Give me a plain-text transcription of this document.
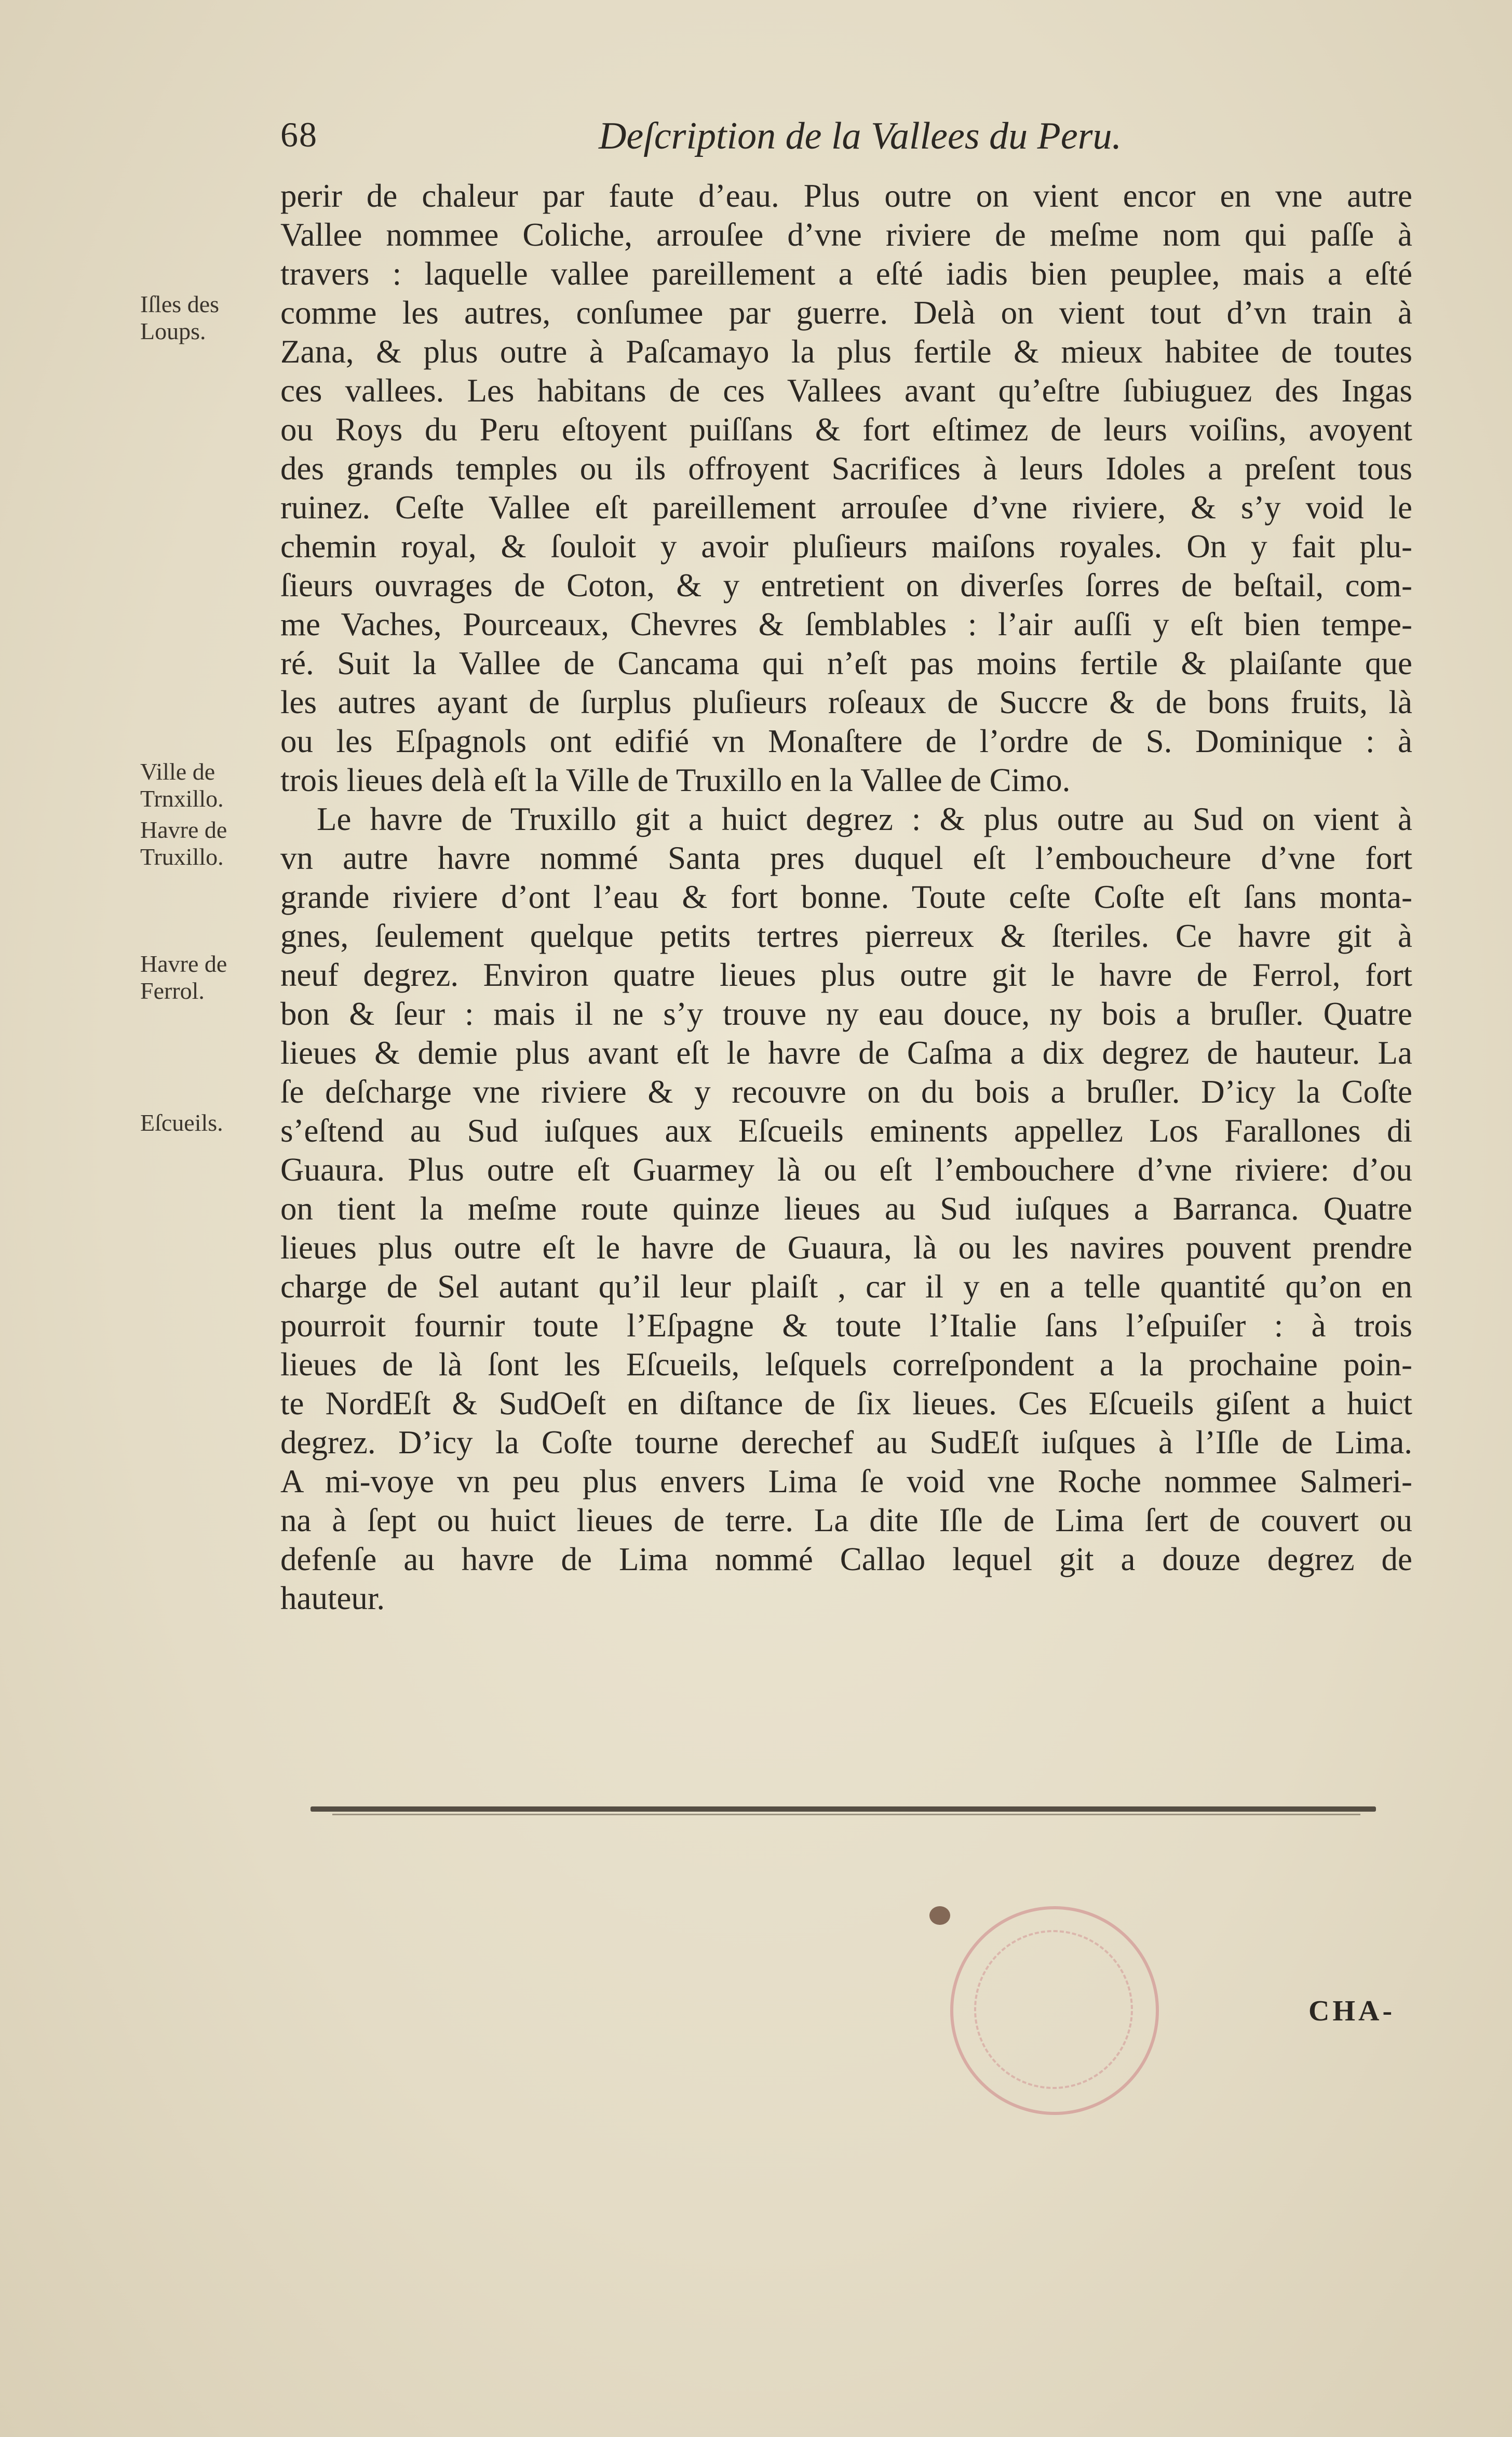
68	Deſcription de la Vallees du Peru.
Iſles des Loups.
Ville de Trnxillo.
Havre de Truxillo.
Havre de Ferrol.
Eſcueils.
perir de chaleur par faute d’eau. Plus outre on vient encor en vne autre
Vallee nommee Coliche, arrouſee d’vne riviere de meſme nom qui paſſe à
travers : laquelle vallee pareillement a eſté iadis bien peuplee, mais a eſté
comme les autres, conſumee par guerre. Delà on vient tout d’vn train à
Zana, & plus outre à Paſcamayo la plus fertile & mieux habitee de toutes
ces vallees. Les habitans de ces Vallees avant qu’eſtre ſubiuguez des Ingas
ou Roys du Peru eſtoyent puiſſans & fort eſtimez de leurs voiſins, avoyent
des grands temples ou ils offroyent Sacrifices à leurs Idoles a preſent tous
ruinez. Ceſte Vallee eſt pareillement arrouſee d’vne riviere, & s’y void le
chemin royal, & ſouloit y avoir pluſieurs maiſons royales. On y fait plu-
ſieurs ouvrages de Coton, & y entretient on diverſes ſorres de beſtail, com-
me Vaches, Pourceaux, Chevres & ſemblables : l’air auſſi y eſt bien tempe-
ré. Suit la Vallee de Cancama qui n’eſt pas moins fertile & plaiſante que
les autres ayant de ſurplus pluſieurs roſeaux de Succre & de bons fruits, là
ou les Eſpagnols ont edifié vn Monaſtere de l’ordre de S. Dominique : à
trois lieues delà eſt la Ville de Truxillo en la Vallee de Cimo.
Le havre de Truxillo git a huict degrez : & plus outre au Sud on vient à
vn autre havre nommé Santa pres duquel eſt l’emboucheure d’vne fort
grande riviere d’ont l’eau & fort bonne. Toute ceſte Coſte eſt ſans monta-
gnes, ſeulement quelque petits tertres pierreux & ſteriles. Ce havre git à
neuf degrez. Environ quatre lieues plus outre git le havre de Ferrol, fort
bon & ſeur : mais il ne s’y trouve ny eau douce, ny bois a bruſler. Quatre
lieues & demie plus avant eſt le havre de Caſma a dix degrez de hauteur. La
ſe deſcharge vne riviere & y recouvre on du bois a bruſler. D’icy la Coſte
s’eſtend au Sud iuſques aux Eſcueils eminents appellez Los Farallones di
Guaura. Plus outre eſt Guarmey là ou eſt l’embouchere d’vne riviere: d’ou
on tient la meſme route quinze lieues au Sud iuſques a Barranca. Quatre
lieues plus outre eſt le havre de Guaura, là ou les navires pouvent prendre
charge de Sel autant qu’il leur plaiſt , car il y en a telle quantité qu’on en
pourroit fournir toute l’Eſpagne & toute l’Italie ſans l’eſpuiſer : à trois
lieues de là ſont les Eſcueils, leſquels correſpondent a la prochaine poin-
te NordEſt & SudOeſt en diſtance de ſix lieues. Ces Eſcueils giſent a huict
degrez. D’icy la Coſte tourne derechef au SudEſt iuſques à l’Iſle de Lima.
A mi-voye vn peu plus envers Lima ſe void vne Roche nommee Salmeri-
na à ſept ou huict lieues de terre. La dite Iſle de Lima ſert de couvert ou
defenſe au havre de Lima nommé Callao lequel git a douze degrez de
hauteur.
CHA-
